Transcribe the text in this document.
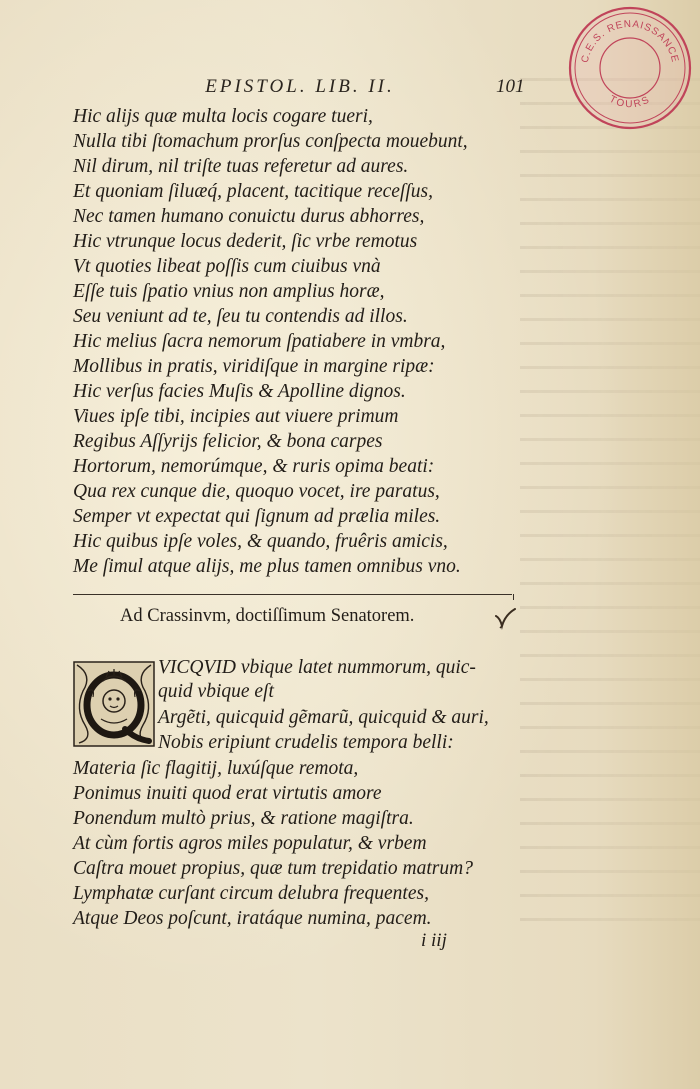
C.E.S. RENAISSANCE
TOURS
EPISTOL. LIB. II.	101
Hic alijs quæ multa locis cogare tueri,
Nulla tibi ſtomachum prorſus conſpecta mouebunt,
Nil dirum, nil triſte tuas referetur ad aures.
Et quoniam ſiluæq́, placent, tacitique receſſus,
Nec tamen humano conuictu durus abhorres,
Hic vtrunque locus dederit, ſic vrbe remotus
Vt quoties libeat poſſis cum ciuibus vnà
Eſſe tuis ſpatio vnius non amplius horæ,
Seu veniunt ad te, ſeu tu contendis ad illos.
Hic melius ſacra nemorum ſpatiabere in vmbra,
Mollibus in pratis, viridiſque in margine ripæ:
Hic verſus facies Muſis & Apolline dignos.
Viues ipſe tibi, incipies aut viuere primum
Regibus Aſſyrijs felicior, & bona carpes
Hortorum, nemorúmque, & ruris opima beati:
Qua rex cunque die, quoquo vocet, ire paratus,
Semper vt expectat qui ſignum ad prælia miles.
Hic quibus ipſe voles, & quando, fruêris amicis,
Me ſimul atque alijs, me plus tamen omnibus vno.
Ad Crassinvm, doctiſſimum Senatorem.
VICQVID vbique latet nummorum, quic-
quid vbique eſt
Argẽti, quicquid gẽmarũ, quicquid & auri,
Nobis eripiunt crudelis tempora belli:
Materia ſic flagitij, luxúſque remota,
Ponimus inuiti quod erat virtutis amore
Ponendum multò prius, & ratione magiſtra.
At cùm fortis agros miles populatur, & vrbem
Caſtra mouet propius, quæ tum trepidatio matrum?
Lymphatæ curſant circum delubra frequentes,
Atque Deos poſcunt, iratáque numina, pacem.
i iij
